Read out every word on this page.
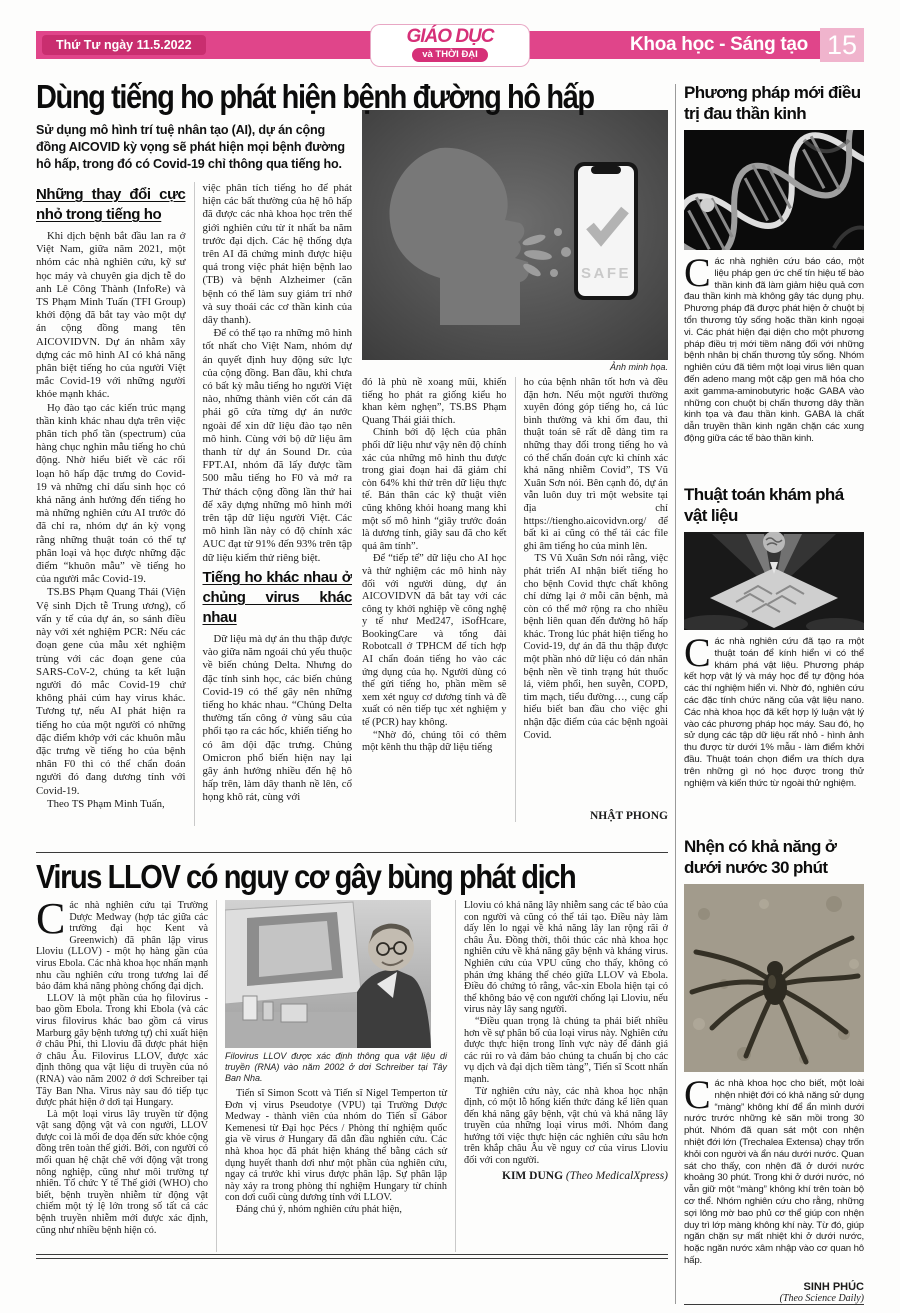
Thứ Tư ngày 11.5.2022	GIÁO DỤC
và THỜI ĐẠI	Khoa học - Sáng tạo 15
Dùng tiếng ho phát hiện bệnh đường hô hấp
Sử dụng mô hình trí tuệ nhân tạo (AI), dự án cộng đồng AICOVID kỳ vọng sẽ phát hiện mọi bệnh đường hô hấp, trong đó có Covid-19 chỉ thông qua tiếng ho.
Những thay đổi cực nhỏ trong tiếng ho

Khi dịch bệnh bắt đầu lan ra ở Việt Nam, giữa năm 2021, một nhóm các nhà nghiên cứu, kỹ sư học máy và chuyên gia dịch tễ do anh Lê Công Thành (InfoRe) và TS Phạm Minh Tuấn (TFI Group) khởi động đã bắt tay vào một dự án cộng đồng mang tên AICOVIDVN. Dự án nhằm xây dựng các mô hình AI có khả năng phân biệt tiếng ho của người Việt mắc Covid-19 với những người khỏe mạnh khác.

Họ đào tạo các kiến trúc mạng thần kinh khác nhau dựa trên việc phân tích phổ tần (spectrum) của hàng chục nghìn mẫu tiếng ho chủ động. Nhờ hiểu biết về các rối loạn hô hấp đặc trưng do Covid-19 và những chỉ dấu sinh học có khả năng ảnh hưởng đến tiếng ho mà những nghiên cứu AI trước đó đã chỉ ra, nhóm dự án kỳ vọng rằng những thuật toán có thể tự phân loại và học được những đặc điểm “khuôn mẫu” về tiếng ho của người mắc Covid-19.

TS.BS Phạm Quang Thái (Viện Vệ sinh Dịch tễ Trung ương), cố vấn y tế của dự án, so sánh điều này với xét nghiệm PCR: Nếu các đoạn gene của mẫu xét nghiệm trùng với các đoạn gene của SARS-CoV-2, chúng ta kết luận người đó mắc Covid-19 chứ không phải cúm hay virus khác. Tương tự, nếu AI phát hiện ra tiếng ho của một người có những đặc điểm khớp với các khuôn mẫu đặc trưng về tiếng ho của bệnh nhân F0 thì có thể chẩn đoán người đó đang dương tính với Covid-19.

Theo TS Phạm Minh Tuấn,

việc phân tích tiếng ho để phát hiện các bất thường của hệ hô hấp đã được các nhà khoa học trên thế giới nghiên cứu từ ít nhất ba năm trước đại dịch. Các hệ thống dựa trên AI đã chứng minh được hiệu quả trong việc phát hiện bệnh lao (TB) và bệnh Alzheimer (căn bệnh có thể làm suy giảm trí nhớ và suy thoái các cơ thần kinh của dây thanh).

Để có thể tạo ra những mô hình tốt nhất cho Việt Nam, nhóm dự án quyết định huy động sức lực của cộng đồng. Ban đầu, khi chưa có bất kỳ mẫu tiếng ho người Việt nào, những thành viên cốt cán đã phải gõ cửa từng dự án nước ngoài để xin dữ liệu đào tạo nên mô hình. Cùng với bộ dữ liệu âm thanh từ dự án Sound Dr. của FPT.AI, nhóm đã lấy được tầm 500 mẫu tiếng ho F0 và mở ra Thử thách cộng đồng lần thứ hai để xây dựng những mô hình mới trên tập dữ liệu người Việt. Các mô hình lần này có độ chính xác AUC đạt từ 91% đến 93% trên tập dữ liệu kiểm thử riêng biệt.

Tiếng ho khác nhau ở chủng virus khác nhau

Dữ liệu mà dự án thu thập được vào giữa năm ngoái chủ yếu thuộc về biến chủng Delta. Nhưng do đặc tính sinh học, các biến chủng Covid-19 có thể gây nên những tiếng ho khác nhau. “Chủng Delta thường tấn công ở vùng sâu của phổi tạo ra các hốc, khiến tiếng ho có âm dội đặc trưng. Chủng Omicron phổ biến hiện nay lại gây ảnh hưởng nhiều đến hệ hô hấp trên, làm dây thanh nề lên, cổ họng khô rát, cùng với

SAFE
Ảnh minh họa.

đó là phù nề xoang mũi, khiến tiếng ho phát ra giống kiểu ho khan kèm nghẹn”, TS.BS Phạm Quang Thái giải thích.

Chính bởi độ lệch của phân phối dữ liệu như vậy nên độ chính xác của những mô hình thu được trong giai đoạn hai đã giảm chỉ còn 64% khi thử trên dữ liệu thực tế. Bản thân các kỹ thuật viên cũng không khỏi hoang mang khi một số mô hình “giây trước đoán là dương tính, giây sau đã cho kết quả âm tính”.

Để “tiếp tế” dữ liệu cho AI học và thử nghiệm các mô hình này đối với người dùng, dự án AICOVIDVN đã bắt tay với các công ty khởi nghiệp về công nghệ y tế như Med247, iSofHcare, BookingCare và tổng đài Robotcall ở TPHCM để tích hợp AI chẩn đoán tiếng ho vào các ứng dụng của họ. Người dùng có thể gửi tiếng ho, phần mềm sẽ xem xét nguy cơ dương tính và đề xuất có nên tiếp tục xét nghiệm y tế (PCR) hay không.

“Nhờ đó, chúng tôi có thêm một kênh thu thập dữ liệu tiếng

ho của bệnh nhân tốt hơn và đều đặn hơn. Nếu một người thường xuyên đóng góp tiếng ho, cả lúc bình thường và khi ốm đau, thì thuật toán sẽ rất dễ dàng tìm ra những thay đổi trong tiếng ho và có thể chẩn đoán cực kì chính xác khả năng nhiễm Covid”, TS Vũ Xuân Sơn nói. Bên cạnh đó, dự án vẫn luôn duy trì một website tại địa chỉ https://tiengho.aicovidvn.org/ để bất kì ai cũng có thể tải các file ghi âm tiếng ho của mình lên.

TS Vũ Xuân Sơn nói rằng, việc phát triển AI nhận biết tiếng ho cho bệnh Covid thực chất không chỉ dừng lại ở mỗi căn bệnh, mà còn có thể mở rộng ra cho nhiều bệnh liên quan đến đường hô hấp khác. Trong lúc phát hiện tiếng ho Covid-19, dự án đã thu thập được một phần nhỏ dữ liệu có dán nhãn bệnh nền về tình trạng hút thuốc lá, viêm phổi, hen suyễn, COPD, tim mạch, tiểu đường…, cung cấp hiểu biết ban đầu cho việc ghi nhận đặc điểm của các bệnh ngoài Covid.

NHẬT PHONG
Virus LLOV có nguy cơ gây bùng phát dịch

Các nhà nghiên cứu tại Trường Dược Medway (hợp tác giữa các trường đại học Kent và Greenwich) đã phân lập virus Lloviu (LLOV) - một họ hàng gần của virus Ebola. Các nhà khoa học nhấn mạnh nhu cầu nghiên cứu trong tương lai để bảo đảm khả năng phòng chống đại dịch.

LLOV là một phần của họ filovirus - bao gồm Ebola. Trong khi Ebola (và các virus filovirus khác bao gồm cả virus Marburg gây bệnh tương tự) chỉ xuất hiện ở châu Phi, thì Lloviu đã được phát hiện ở châu Âu. Filovirus LLOV, được xác định thông qua vật liệu di truyền của nó (RNA) vào năm 2002 ở dơi Schreiber tại Tây Ban Nha. Virus này sau đó tiếp tục được phát hiện ở dơi tại Hungary.

Là một loại virus lây truyền từ động vật sang động vật và con người, LLOV được coi là mối đe dọa đến sức khỏe cộng đồng trên toàn thế giới. Bởi, con người có mối quan hệ chặt chẽ với động vật trong nông nghiệp, cũng như môi trường tự nhiên. Tổ chức Y tế Thế giới (WHO) cho biết, bệnh truyền nhiễm từ động vật chiếm một tỷ lệ lớn trong số tất cả các bệnh truyền nhiễm mới được xác định, cũng như nhiều bệnh hiện có.

Filovirus LLOV được xác định thông qua vật liệu di truyền (RNA) vào năm 2002 ở dơi Schreiber tại Tây Ban Nha.

Tiến sĩ Simon Scott và Tiến sĩ Nigel Temperton từ Đơn vị virus Pseudotye (VPU) tại Trường Dược Medway - thành viên của nhóm do Tiến sĩ Gábor Kemenesi từ Đại học Pécs / Phòng thí nghiệm quốc gia về virus ở Hungary đã dẫn đầu nghiên cứu. Các nhà khoa học đã phát hiện kháng thể bằng cách sử dụng huyết thanh dơi như một phần của nghiên cứu, ngay cả trước khi virus được phân lập. Sự phân lập này xảy ra trong phòng thí nghiệm Hungary từ chính con dơi cuối cùng dương tính với LLOV.

Đáng chú ý, nhóm nghiên cứu phát hiện,

Lloviu có khả năng lây nhiễm sang các tế bào của con người và cũng có thể tái tạo. Điều này làm dấy lên lo ngại về khả năng lây lan rộng rãi ở châu Âu. Đồng thời, thôi thúc các nhà khoa học nghiên cứu về khả năng gây bệnh và kháng virus. Nghiên cứu của VPU cũng cho thấy, không có phản ứng kháng thể chéo giữa LLOV và Ebola. Điều đó chứng tỏ rằng, vắc-xin Ebola hiện tại có thể không bảo vệ con người chống lại Lloviu, nếu virus này lây sang người.

“Điều quan trọng là chúng ta phải biết nhiều hơn về sự phân bố của loại virus này. Nghiên cứu được thực hiện trong lĩnh vực này để đánh giá các rủi ro và đảm bảo chúng ta chuẩn bị cho các vụ dịch và đại dịch tiềm tàng”, Tiến sĩ Scott nhấn mạnh.

Từ nghiên cứu này, các nhà khoa học nhận định, có một lỗ hổng kiến thức đáng kể liên quan đến khả năng gây bệnh, vật chủ và khả năng lây truyền của những loại virus mới. Nhóm đang hướng tới việc thực hiện các nghiên cứu sâu hơn trên khắp châu Âu về nguy cơ của virus Lloviu đối với con người.

KIM DUNG (Theo MedicalXpress)
Phương pháp mới điều trị đau thần kinh
Các nhà nghiên cứu báo cáo, một liệu pháp gen ức chế tín hiệu tế bào thần kinh đã làm giảm hiệu quả cơn đau thần kinh mà không gây tác dụng phụ. Phương pháp đã được phát hiện ở chuột bị tổn thương tủy sống hoặc thần kinh ngoại vi. Các phát hiện đại diện cho một phương pháp điều trị mới tiềm năng đối với những bệnh nhân bị chấn thương tủy sống. Nhóm nghiên cứu đã tiêm một loại virus liên quan đến adeno mang một cặp gen mã hóa cho axit gamma-aminobutyric hoặc GABA vào những con chuột bị chấn thương dây thần kinh tọa và đau thần kinh. GABA là chất dẫn truyền thần kinh ngăn chặn các xung động giữa các tế bào thần kinh.
Thuật toán khám phá vật liệu
Các nhà nghiên cứu đã tạo ra một thuật toán để kính hiển vi có thể khám phá vật liệu. Phương pháp kết hợp vật lý và máy học để tự động hóa các thí nghiệm hiển vi. Nhờ đó, nghiên cứu các đặc tính chức năng của vật liệu nano. Các nhà khoa học đã kết hợp lý luận vật lý vào các phương pháp học máy. Sau đó, họ sử dụng các tập dữ liệu rất nhỏ - hình ảnh thu được từ dưới 1% mẫu - làm điểm khởi đầu. Thuật toán chọn điểm ưa thích dựa trên những gì nó học được trong thử nghiệm và kiến thức từ ngoài thử nghiệm.
Nhện có khả năng ở dưới nước 30 phút
Các nhà khoa học cho biết, một loài nhện nhiệt đới có khả năng sử dụng “màng” không khí để ẩn mình dưới nước trước những kẻ săn mồi trong 30 phút. Nhóm đã quan sát một con nhện nhiệt đới lớn (Trechalea Extensa) chạy trốn khỏi con người và ẩn náu dưới nước. Quan sát cho thấy, con nhện đã ở dưới nước khoảng 30 phút. Trong khi ở dưới nước, nó vẫn giữ một “màng” không khí trên toàn bộ cơ thể. Nhóm nghiên cứu cho rằng, những sợi lông mờ bao phủ cơ thể giúp con nhện duy trì lớp màng không khí này. Từ đó, giúp ngăn chặn sự mất nhiệt khi ở dưới nước, hoặc ngăn nước xâm nhập vào cơ quan hô hấp.
SINH PHÚC
(Theo Science Daily)
